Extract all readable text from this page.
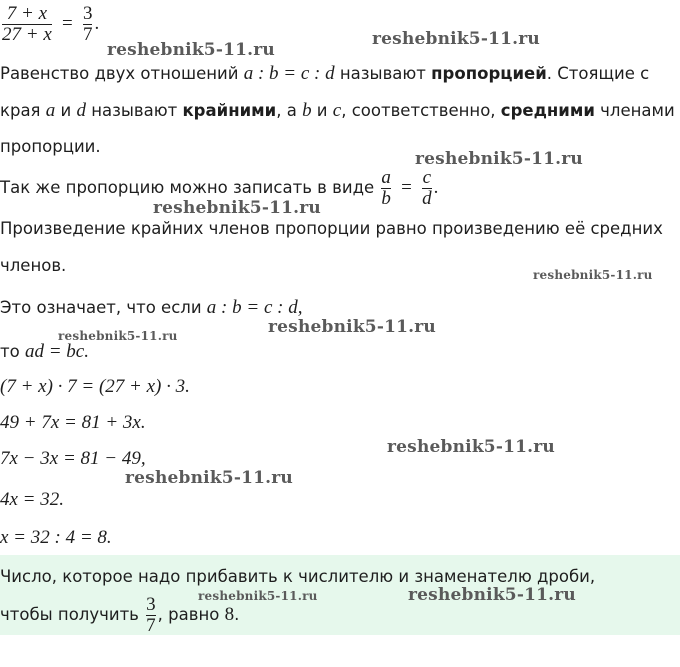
$\frac{7 + x}{27 + x} = \frac{3}{7}$ .
Равенство двух отношений a : b = c : d называют пропорцией. Стоящие с
края a и d называют крайними, а b и c, соответственно, средними членами
пропорции.
Так же пропорцию можно записать в виде $\frac{a}{b} = \frac{c}{d}$ .
Произведение крайних членов пропорции равно произведению её средних
членов.
Это означает, что если a : b = c : d,
то ad = bc.
(7 + x) · 7 = (27 + x) · 3.
49 + 7x = 81 + 3x.
7x − 3x = 81 − 49,
4x = 32.
x = 32 : 4 = 8.
Число, которое надо прибавить к числителю и знаменателю дроби,
чтобы получить $\frac{3}{7}$ , равно 8.
reshebnik5-11.ru
reshebnik5-11.ru
reshebnik5-11.ru
reshebnik5-11.ru
reshebnik5-11.ru
reshebnik5-11.ru
reshebnik5-11.ru
reshebnik5-11.ru
reshebnik5-11.ru
reshebnik5-11.ru	reshebnik5-11.ru
